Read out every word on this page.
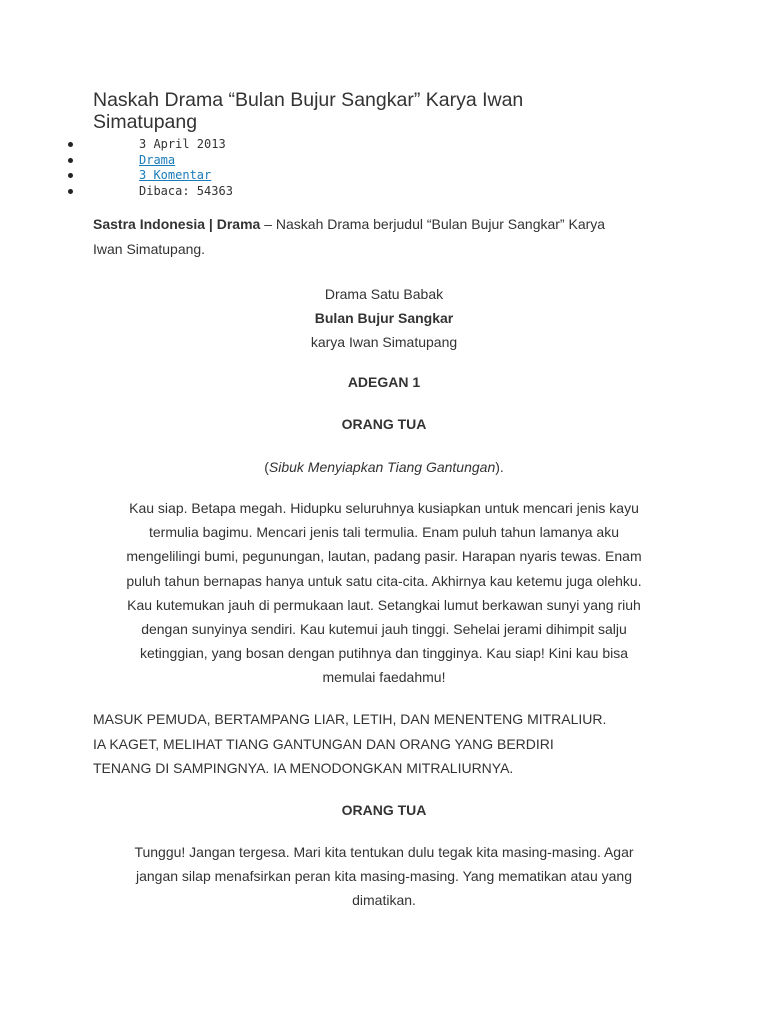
Naskah Drama “Bulan Bujur Sangkar” Karya Iwan
Simatupang
3 April 2013
Drama
3 Komentar
Dibaca: 54363
Sastra Indonesia | Drama – Naskah Drama berjudul “Bulan Bujur Sangkar” Karya
Iwan Simatupang.
Drama Satu Babak
Bulan Bujur Sangkar
karya Iwan Simatupang
ADEGAN 1
ORANG TUA
(Sibuk Menyiapkan Tiang Gantungan).
Kau siap. Betapa megah. Hidupku seluruhnya kusiapkan untuk mencari jenis kayu
termulia bagimu. Mencari jenis tali termulia. Enam puluh tahun lamanya aku
mengelilingi bumi, pegunungan, lautan, padang pasir. Harapan nyaris tewas. Enam
puluh tahun bernapas hanya untuk satu cita-cita. Akhirnya kau ketemu juga olehku.
Kau kutemukan jauh di permukaan laut. Setangkai lumut berkawan sunyi yang riuh
dengan sunyinya sendiri. Kau kutemui jauh tinggi. Sehelai jerami dihimpit salju
ketinggian, yang bosan dengan putihnya dan tingginya. Kau siap! Kini kau bisa
memulai faedahmu!
MASUK PEMUDA, BERTAMPANG LIAR, LETIH, DAN MENENTENG MITRALIUR.
IA KAGET, MELIHAT TIANG GANTUNGAN DAN ORANG YANG BERDIRI
TENANG DI SAMPINGNYA. IA MENODONGKAN MITRALIURNYA.
ORANG TUA
Tunggu! Jangan tergesa. Mari kita tentukan dulu tegak kita masing-masing. Agar
jangan silap menafsirkan peran kita masing-masing. Yang mematikan atau yang
dimatikan.
